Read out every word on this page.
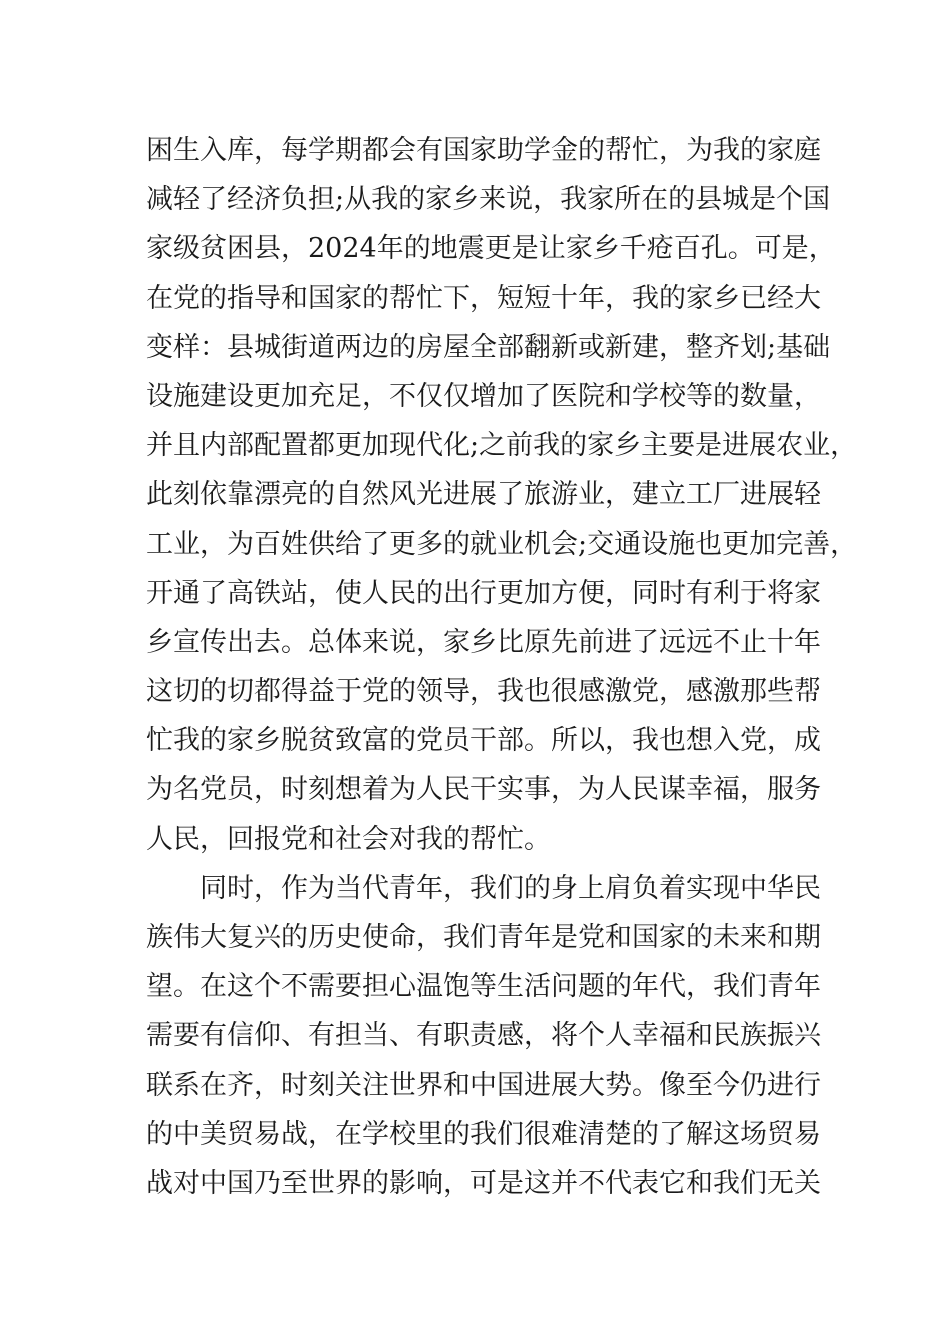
困生入库，每学期都会有国家助学金的帮忙，为我的家庭
减轻了经济负担;从我的家乡来说，我家所在的县城是个国
家级贫困县，2024年的地震更是让家乡千疮百孔。可是，
在党的指导和国家的帮忙下，短短十年，我的家乡已经大
变样：县城街道两边的房屋全部翻新或新建，整齐划;基础
设施建设更加充足，不仅仅增加了医院和学校等的数量，
并且内部配置都更加现代化;之前我的家乡主要是进展农业，
此刻依靠漂亮的自然风光进展了旅游业，建立工厂进展轻
工业，为百姓供给了更多的就业机会;交通设施也更加完善，
开通了高铁站，使人民的出行更加方便，同时有利于将家
乡宣传出去。总体来说，家乡比原先前进了远远不止十年
这切的切都得益于党的领导，我也很感激党，感激那些帮
忙我的家乡脱贫致富的党员干部。所以，我也想入党，成
为名党员，时刻想着为人民干实事，为人民谋幸福，服务
人民，回报党和社会对我的帮忙。
同时，作为当代青年，我们的身上肩负着实现中华民
族伟大复兴的历史使命，我们青年是党和国家的未来和期
望。在这个不需要担心温饱等生活问题的年代，我们青年
需要有信仰、有担当、有职责感，将个人幸福和民族振兴
联系在齐，时刻关注世界和中国进展大势。像至今仍进行
的中美贸易战，在学校里的我们很难清楚的了解这场贸易
战对中国乃至世界的影响，可是这并不代表它和我们无关
